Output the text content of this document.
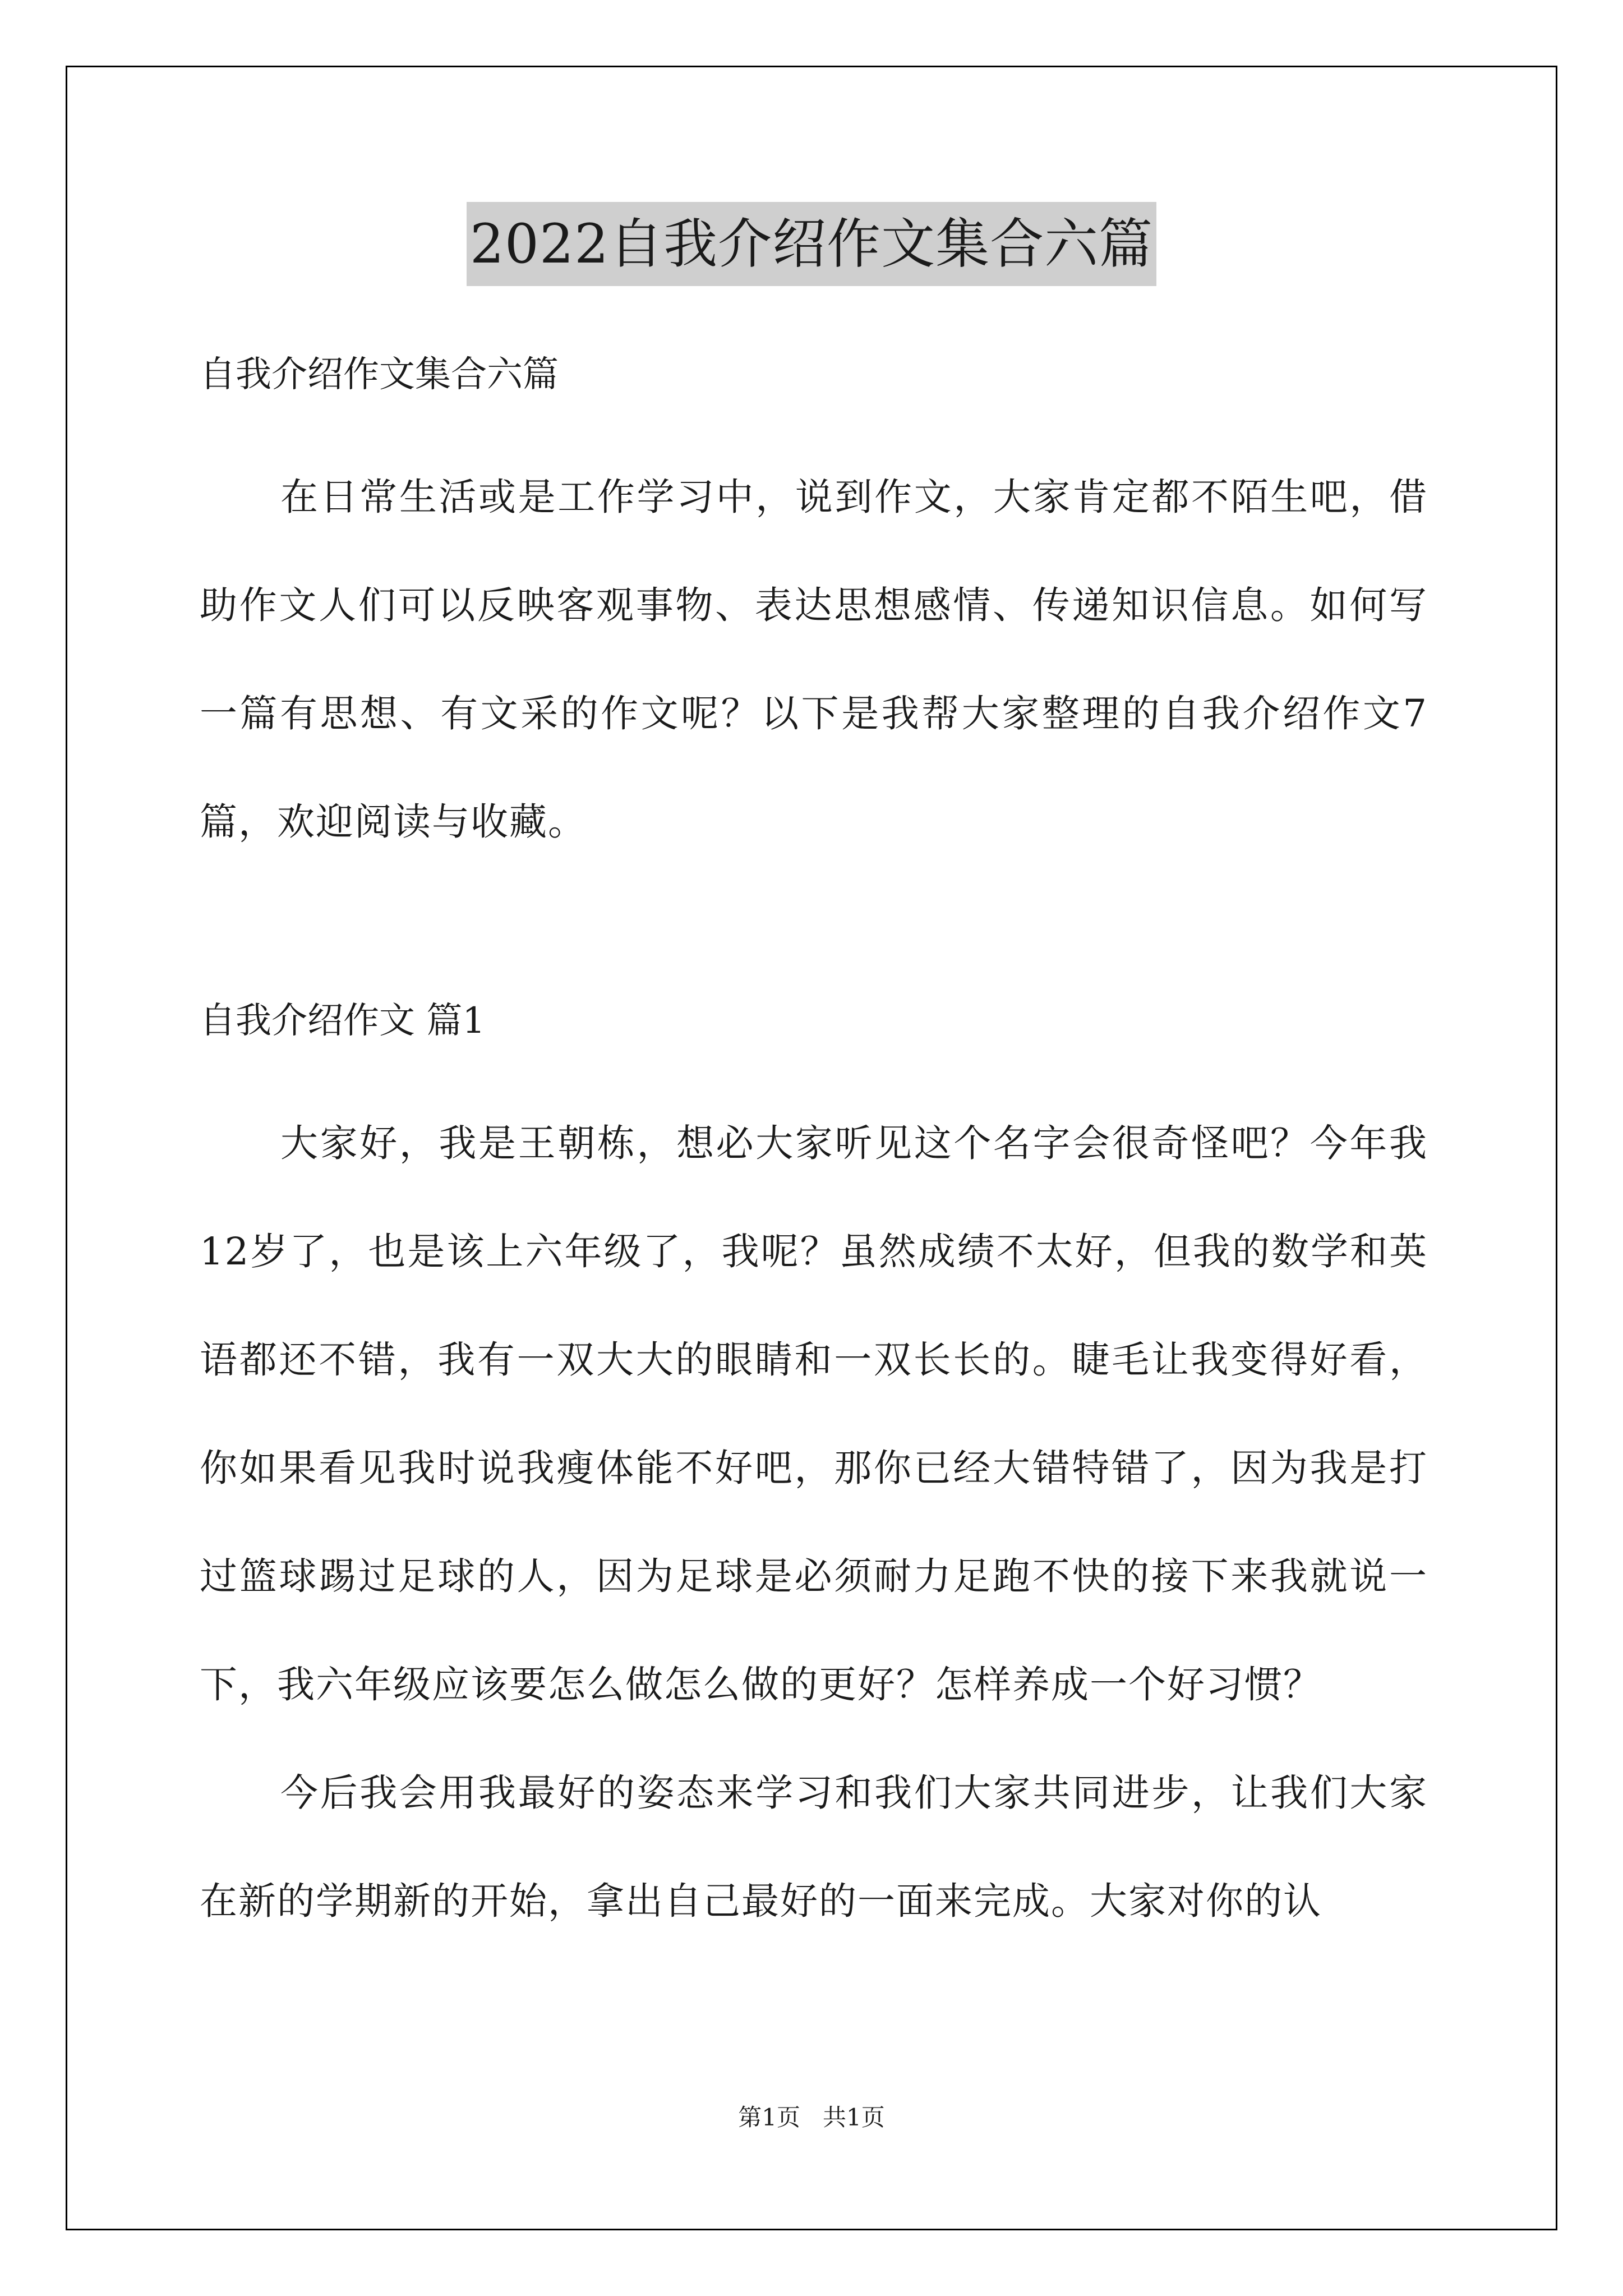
2022自我介绍作文集合六篇

自我介绍作文集合六篇

在日常生活或是工作学习中，说到作文，大家肯定都不陌生吧，借助作文人们可以反映客观事物、表达思想感情、传递知识信息。如何写一篇有思想、有文采的作文呢？以下是我帮大家整理的自我介绍作文7篇，欢迎阅读与收藏。

自我介绍作文 篇1

大家好，我是王朝栋，想必大家听见这个名字会很奇怪吧？今年我12岁了，也是该上六年级了，我呢？虽然成绩不太好，但我的数学和英语都还不错，我有一双大大的眼睛和一双长长的。睫毛让我变得好看，你如果看见我时说我瘦体能不好吧，那你已经大错特错了，因为我是打过篮球踢过足球的人，因为足球是必须耐力足跑不快的接下来我就说一下，我六年级应该要怎么做怎么做的更好？怎样养成一个好习惯？

今后我会用我最好的姿态来学习和我们大家共同进步，让我们大家在新的学期新的开始，拿出自己最好的一面来完成。大家对你的认

第1页   共1页
